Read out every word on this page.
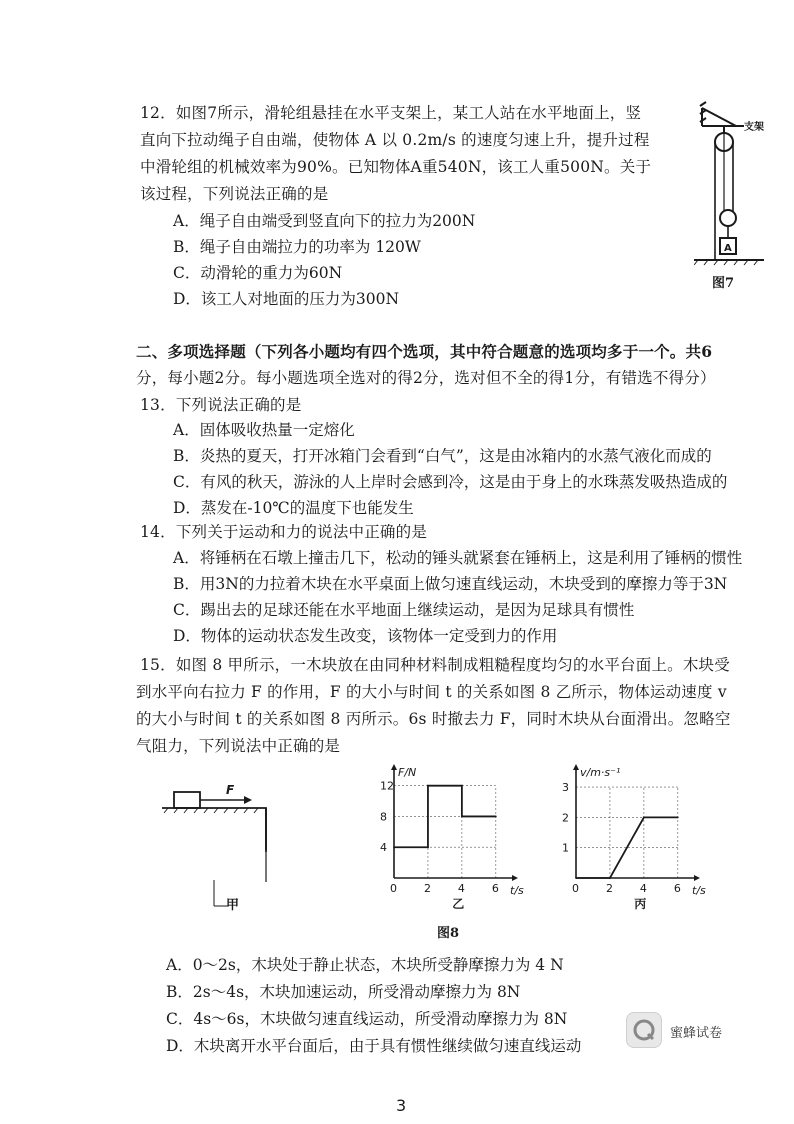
12．如图7所示，滑轮组悬挂在水平支架上，某工人站在水平地面上，竖
直向下拉动绳子自由端，使物体 A 以 0.2m/s 的速度匀速上升，提升过程
中滑轮组的机械效率为90%。已知物体A重540N，该工人重500N。关于
该过程，下列说法正确的是
A．绳子自由端受到竖直向下的拉力为200N
B．绳子自由端拉力的功率为 120W
C．动滑轮的重力为60N
D．该工人对地面的压力为300N
支架
A
图7
二、多项选择题（下列各小题均有四个选项，其中符合题意的选项均多于一个。共6
分，每小题2分。每小题选项全选对的得2分，选对但不全的得1分，有错选不得分）
13．下列说法正确的是
A．固体吸收热量一定熔化
B．炎热的夏天，打开冰箱门会看到“白气”，这是由冰箱内的水蒸气液化而成的
C．有风的秋天，游泳的人上岸时会感到冷，这是由于身上的水珠蒸发吸热造成的
D．蒸发在-10℃的温度下也能发生
14．下列关于运动和力的说法中正确的是
A．将锤柄在石墩上撞击几下，松动的锤头就紧套在锤柄上，这是利用了锤柄的惯性
B．用3N的力拉着木块在水平桌面上做匀速直线运动，木块受到的摩擦力等于3N
C．踢出去的足球还能在水平地面上继续运动，是因为足球具有惯性
D．物体的运动状态发生改变，该物体一定受到力的作用
15．如图 8 甲所示，一木块放在由同种材料制成粗糙程度均匀的水平台面上。木块受
到水平向右拉力 F 的作用，F 的大小与时间 t 的关系如图 8 乙所示，物体运动速度 v
的大小与时间 t 的关系如图 8 丙所示。6s 时撤去力 F，同时木块从台面滑出。忽略空
气阻力，下列说法中正确的是
F
甲
0 2 4 6
4
8
12
t/s
F/N
乙
0 2 4 6
1
2
3
t/s
v/m·s⁻¹
丙
图8
A．0～2s，木块处于静止状态，木块所受静摩擦力为 4 N
B．2s～4s，木块加速运动，所受滑动摩擦力为 8N
C．4s～6s，木块做匀速直线运动，所受滑动摩擦力为 8N
D．木块离开水平台面后，由于具有惯性继续做匀速直线运动
蜜蜂试卷
3
